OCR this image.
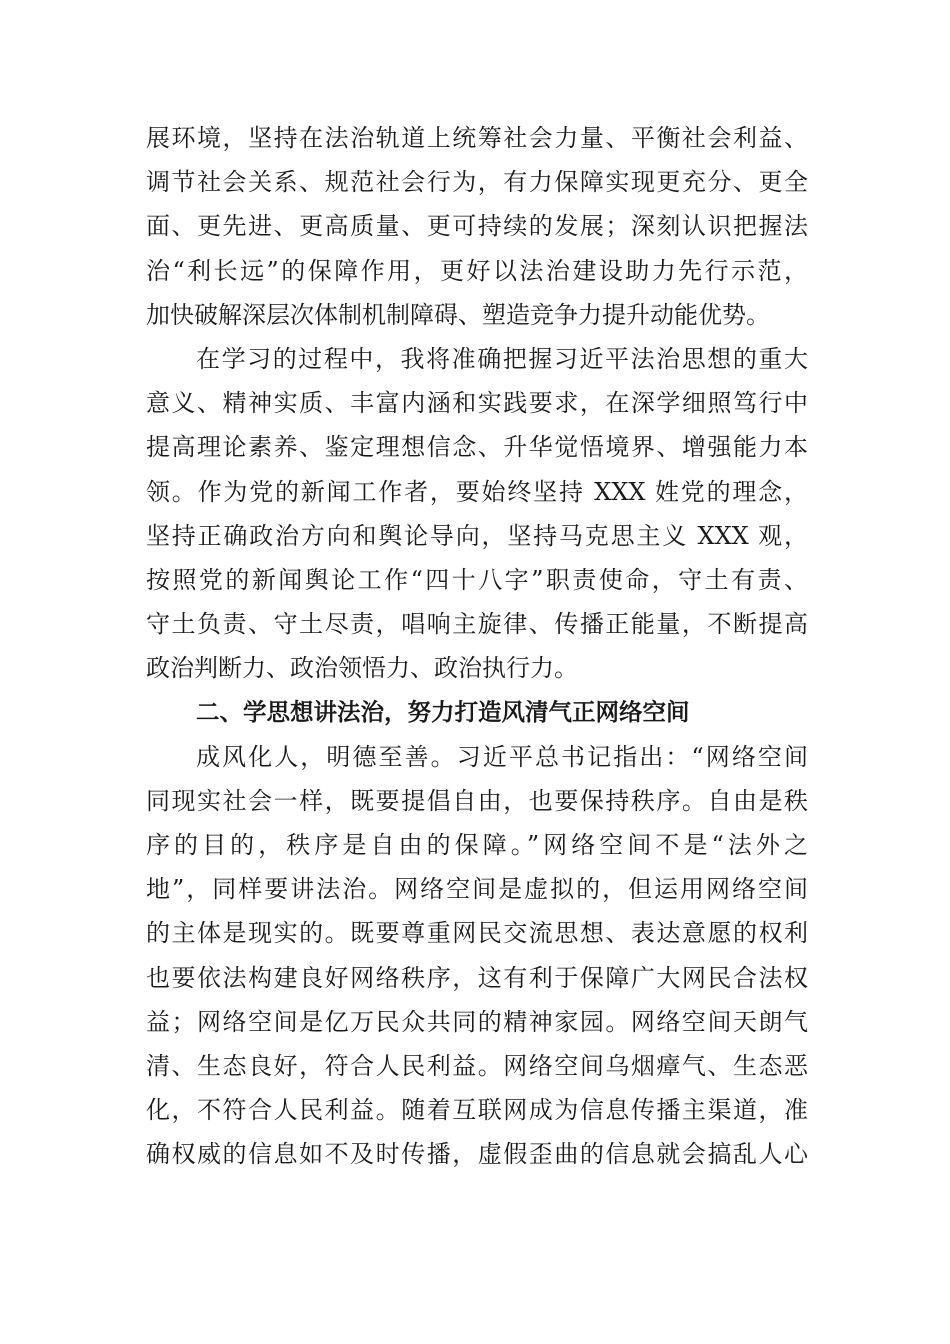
展环境，坚持在法治轨道上统筹社会力量、平衡社会利益、
调节社会关系、规范社会行为，有力保障实现更充分、更全
面、更先进、更高质量、更可持续的发展；深刻认识把握法
治“利长远”的保障作用，更好以法治建设助力先行示范，
加快破解深层次体制机制障碍、塑造竞争力提升动能优势。
在学习的过程中，我将准确把握习近平法治思想的重大
意义、精神实质、丰富内涵和实践要求，在深学细照笃行中
提高理论素养、鉴定理想信念、升华觉悟境界、增强能力本
领。作为党的新闻工作者，要始终坚持 XXX 姓党的理念，
坚持正确政治方向和舆论导向，坚持马克思主义 XXX 观，
按照党的新闻舆论工作“四十八字”职责使命，守土有责、
守土负责、守土尽责，唱响主旋律、传播正能量，不断提高
政治判断力、政治领悟力、政治执行力。
二、学思想讲法治，努力打造风清气正网络空间
成风化人，明德至善。习近平总书记指出：“网络空间
同现实社会一样，既要提倡自由，也要保持秩序。自由是秩
序的目的，秩序是自由的保障。”网络空间不是“法外之
地”，同样要讲法治。网络空间是虚拟的，但运用网络空间
的主体是现实的。既要尊重网民交流思想、表达意愿的权利
也要依法构建良好网络秩序，这有利于保障广大网民合法权
益；网络空间是亿万民众共同的精神家园。网络空间天朗气
清、生态良好，符合人民利益。网络空间乌烟瘴气、生态恶
化，不符合人民利益。随着互联网成为信息传播主渠道，准
确权威的信息如不及时传播，虚假歪曲的信息就会搞乱人心
